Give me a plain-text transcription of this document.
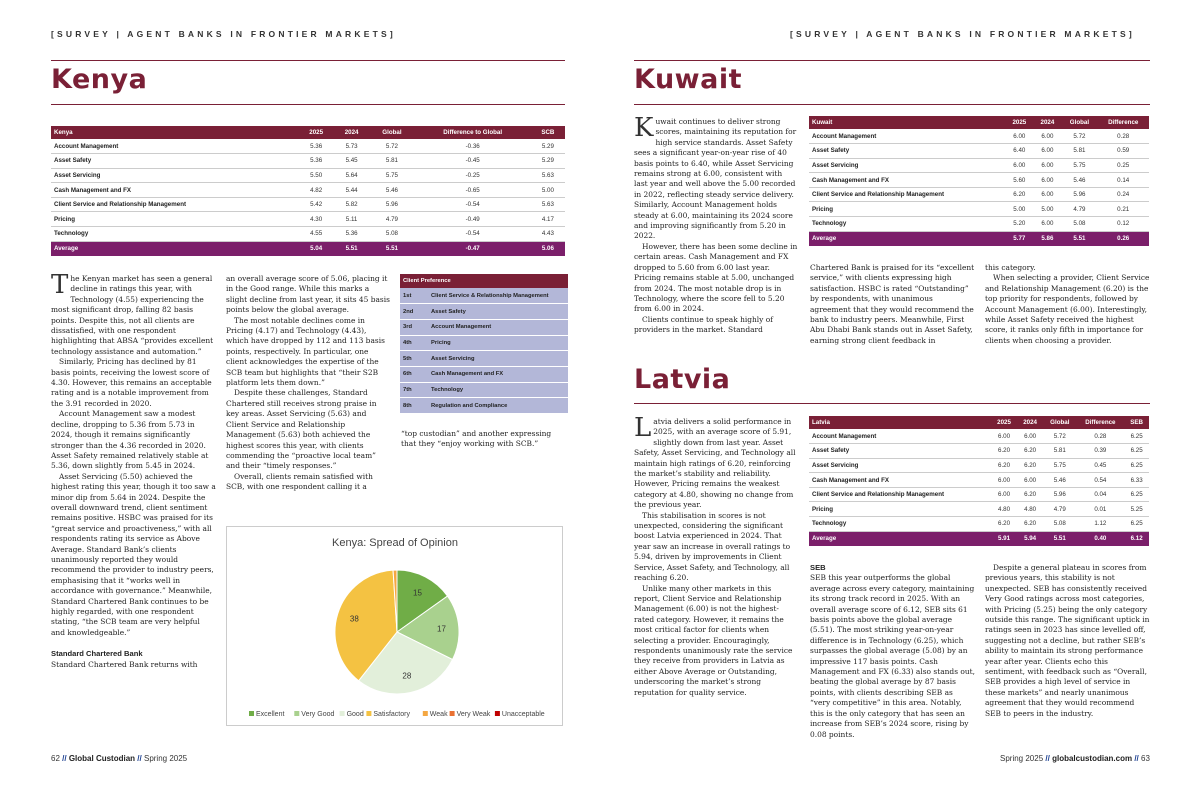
[SURVEY | AGENT BANKS IN FRONTIER MARKETS]	[SURVEY | AGENT BANKS IN FRONTIER MARKETS]
Kenya
Kenya	2025	2024	Global	Difference to Global	SCB
Account Management	5.36	5.73	5.72	-0.36	5.29
Asset Safety	5.36	5.45	5.81	-0.45	5.29
Asset Servicing	5.50	5.64	5.75	-0.25	5.63
Cash Management and FX	4.82	5.44	5.46	-0.65	5.00
Client Service and Relationship Management	5.42	5.82	5.96	-0.54	5.63
Pricing	4.30	5.11	4.79	-0.49	4.17
Technology	4.55	5.36	5.08	-0.54	4.43
Average	5.04	5.51	5.51	-0.47	5.06
T he Kenyan market has seen a general decline in ratings this year, with Technology (4.55) experiencing the most significant drop, falling 82 basis points. Despite this, not all clients are dissatisfied, with one respondent highlighting that ABSA “provides excellent technology assistance and automation.”

Similarly, Pricing has declined by 81 basis points, receiving the lowest score of 4.30. However, this remains an acceptable rating and is a notable improvement from the 3.91 recorded in 2020.

Account Management saw a modest decline, dropping to 5.36 from 5.73 in 2024, though it remains significantly stronger than the 4.36 recorded in 2020. Asset Safety remained relatively stable at 5.36, down slightly from 5.45 in 2024.

Asset Servicing (5.50) achieved the highest rating this year, though it too saw a minor dip from 5.64 in 2024. Despite the overall downward trend, client sentiment remains positive. HSBC was praised for its “great service and proactiveness,” with all respondents rating its service as Above Average. Standard Bank’s clients unanimously reported they would recommend the provider to industry peers, emphasising that it “works well in accordance with governance.” Meanwhile, Standard Chartered Bank continues to be highly regarded, with one respondent stating, “the SCB team are very helpful and knowledgeable.”

Standard Chartered Bank
Standard Chartered Bank returns with

an overall average score of 5.06, placing it in the Good range. While this marks a slight decline from last year, it sits 45 basis points below the global average.

The most notable declines come in Pricing (4.17) and Technology (4.43), which have dropped by 112 and 113 basis points, respectively. In particular, one client acknowledges the expertise of the SCB team but highlights that “their S2B platform lets them down.”

Despite these challenges, Standard Chartered still receives strong praise in key areas. Asset Servicing (5.63) and Client Service and Relationship Management (5.63) both achieved the highest scores this year, with clients commending the “proactive local team” and their “timely responses.”

Overall, clients remain satisfied with SCB, with one respondent calling it a

Client Preference	
1st	Client Service & Relationship Management
2nd	Asset Safety
3rd	Account Management
4th	Pricing
5th	Asset Servicing
6th	Cash Management and FX
7th	Technology
8th	Regulation and Compliance

“top custodian” and another expressing that they “enjoy working with SCB.”

Kenya: Spread of Opinion
15
17
28
38
Excellent Very Good Good Satisfactory	Weak Very Weak Unacceptable
62 // Global Custodian // Spring 2025	Spring 2025 // globalcustodian.com // 63
Kuwait
K uwait continues to deliver strong scores, maintaining its reputation for high service standards. Asset Safety sees a significant year-on-year rise of 40 basis points to 6.40, while Asset Servicing remains strong at 6.00, consistent with last year and well above the 5.00 recorded in 2022, reflecting steady service delivery. Similarly, Account Management holds steady at 6.00, maintaining its 2024 score and improving significantly from 5.20 in 2022.

However, there has been some decline in certain areas. Cash Management and FX dropped to 5.60 from 6.00 last year. Pricing remains stable at 5.00, unchanged from 2024. The most notable drop is in Technology, where the score fell to 5.20 from 6.00 in 2024.

Clients continue to speak highly of providers in the market. Standard

Kuwait	2025	2024	Global	Difference
Account Management	6.00	6.00	5.72	0.28
Asset Safety	6.40	6.00	5.81	0.59
Asset Servicing	6.00	6.00	5.75	0.25
Cash Management and FX	5.60	6.00	5.46	0.14
Client Service and Relationship Management	6.20	6.00	5.96	0.24
Pricing	5.00	5.00	4.79	0.21
Technology	5.20	6.00	5.08	0.12
Average	5.77	5.86	5.51	0.26

Chartered Bank is praised for its “excellent service,” with clients expressing high satisfaction. HSBC is rated “Outstanding” by respondents, with unanimous agreement that they would recommend the bank to industry peers. Meanwhile, First Abu Dhabi Bank stands out in Asset Safety, earning strong client feedback in

this category.

When selecting a provider, Client Service and Relationship Management (6.20) is the top priority for respondents, followed by Account Management (6.00). Interestingly, while Asset Safety received the highest score, it ranks only fifth in importance for clients when choosing a provider.

Latvia
L atvia delivers a solid performance in 2025, with an average score of 5.91, slightly down from last year. Asset Safety, Asset Servicing, and Technology all maintain high ratings of 6.20, reinforcing the market’s stability and reliability. However, Pricing remains the weakest category at 4.80, showing no change from the previous year.

This stabilisation in scores is not unexpected, considering the significant boost Latvia experienced in 2024. That year saw an increase in overall ratings to 5.94, driven by improvements in Client Service, Asset Safety, and Technology, all reaching 6.20.

Unlike many other markets in this report, Client Service and Relationship Management (6.00) is not the highest-rated category. However, it remains the most critical factor for clients when selecting a provider. Encouragingly, respondents unanimously rate the service they receive from providers in Latvia as either Above Average or Outstanding, underscoring the market’s strong reputation for quality service.

Latvia	2025	2024	Global	Difference	SEB
Account Management	6.00	6.00	5.72	0.28	6.25
Asset Safety	6.20	6.20	5.81	0.39	6.25
Asset Servicing	6.20	6.20	5.75	0.45	6.25
Cash Management and FX	6.00	6.00	5.46	0.54	6.33
Client Service and Relationship Management	6.00	6.20	5.96	0.04	6.25
Pricing	4.80	4.80	4.79	0.01	5.25
Technology	6.20	6.20	5.08	1.12	6.25
Average	5.91	5.94	5.51	0.40	6.12
SEB

SEB this year outperforms the global average across every category, maintaining its strong track record in 2025. With an overall average score of 6.12, SEB sits 61 basis points above the global average (5.51). The most striking year-on-year difference is in Technology (6.25), which surpasses the global average (5.08) by an impressive 117 basis points. Cash Management and FX (6.33) also stands out, beating the global average by 87 basis points, with clients describing SEB as “very competitive” in this area. Notably, this is the only category that has seen an increase from SEB’s 2024 score, rising by 0.08 points.

Despite a general plateau in scores from previous years, this stability is not unexpected. SEB has consistently received Very Good ratings across most categories, with Pricing (5.25) being the only category outside this range. The significant uptick in ratings seen in 2023 has since levelled off, suggesting not a decline, but rather SEB’s ability to maintain its strong performance year after year. Clients echo this sentiment, with feedback such as “Overall, SEB provides a high level of service in these markets” and nearly unanimous agreement that they would recommend SEB to peers in the industry.
